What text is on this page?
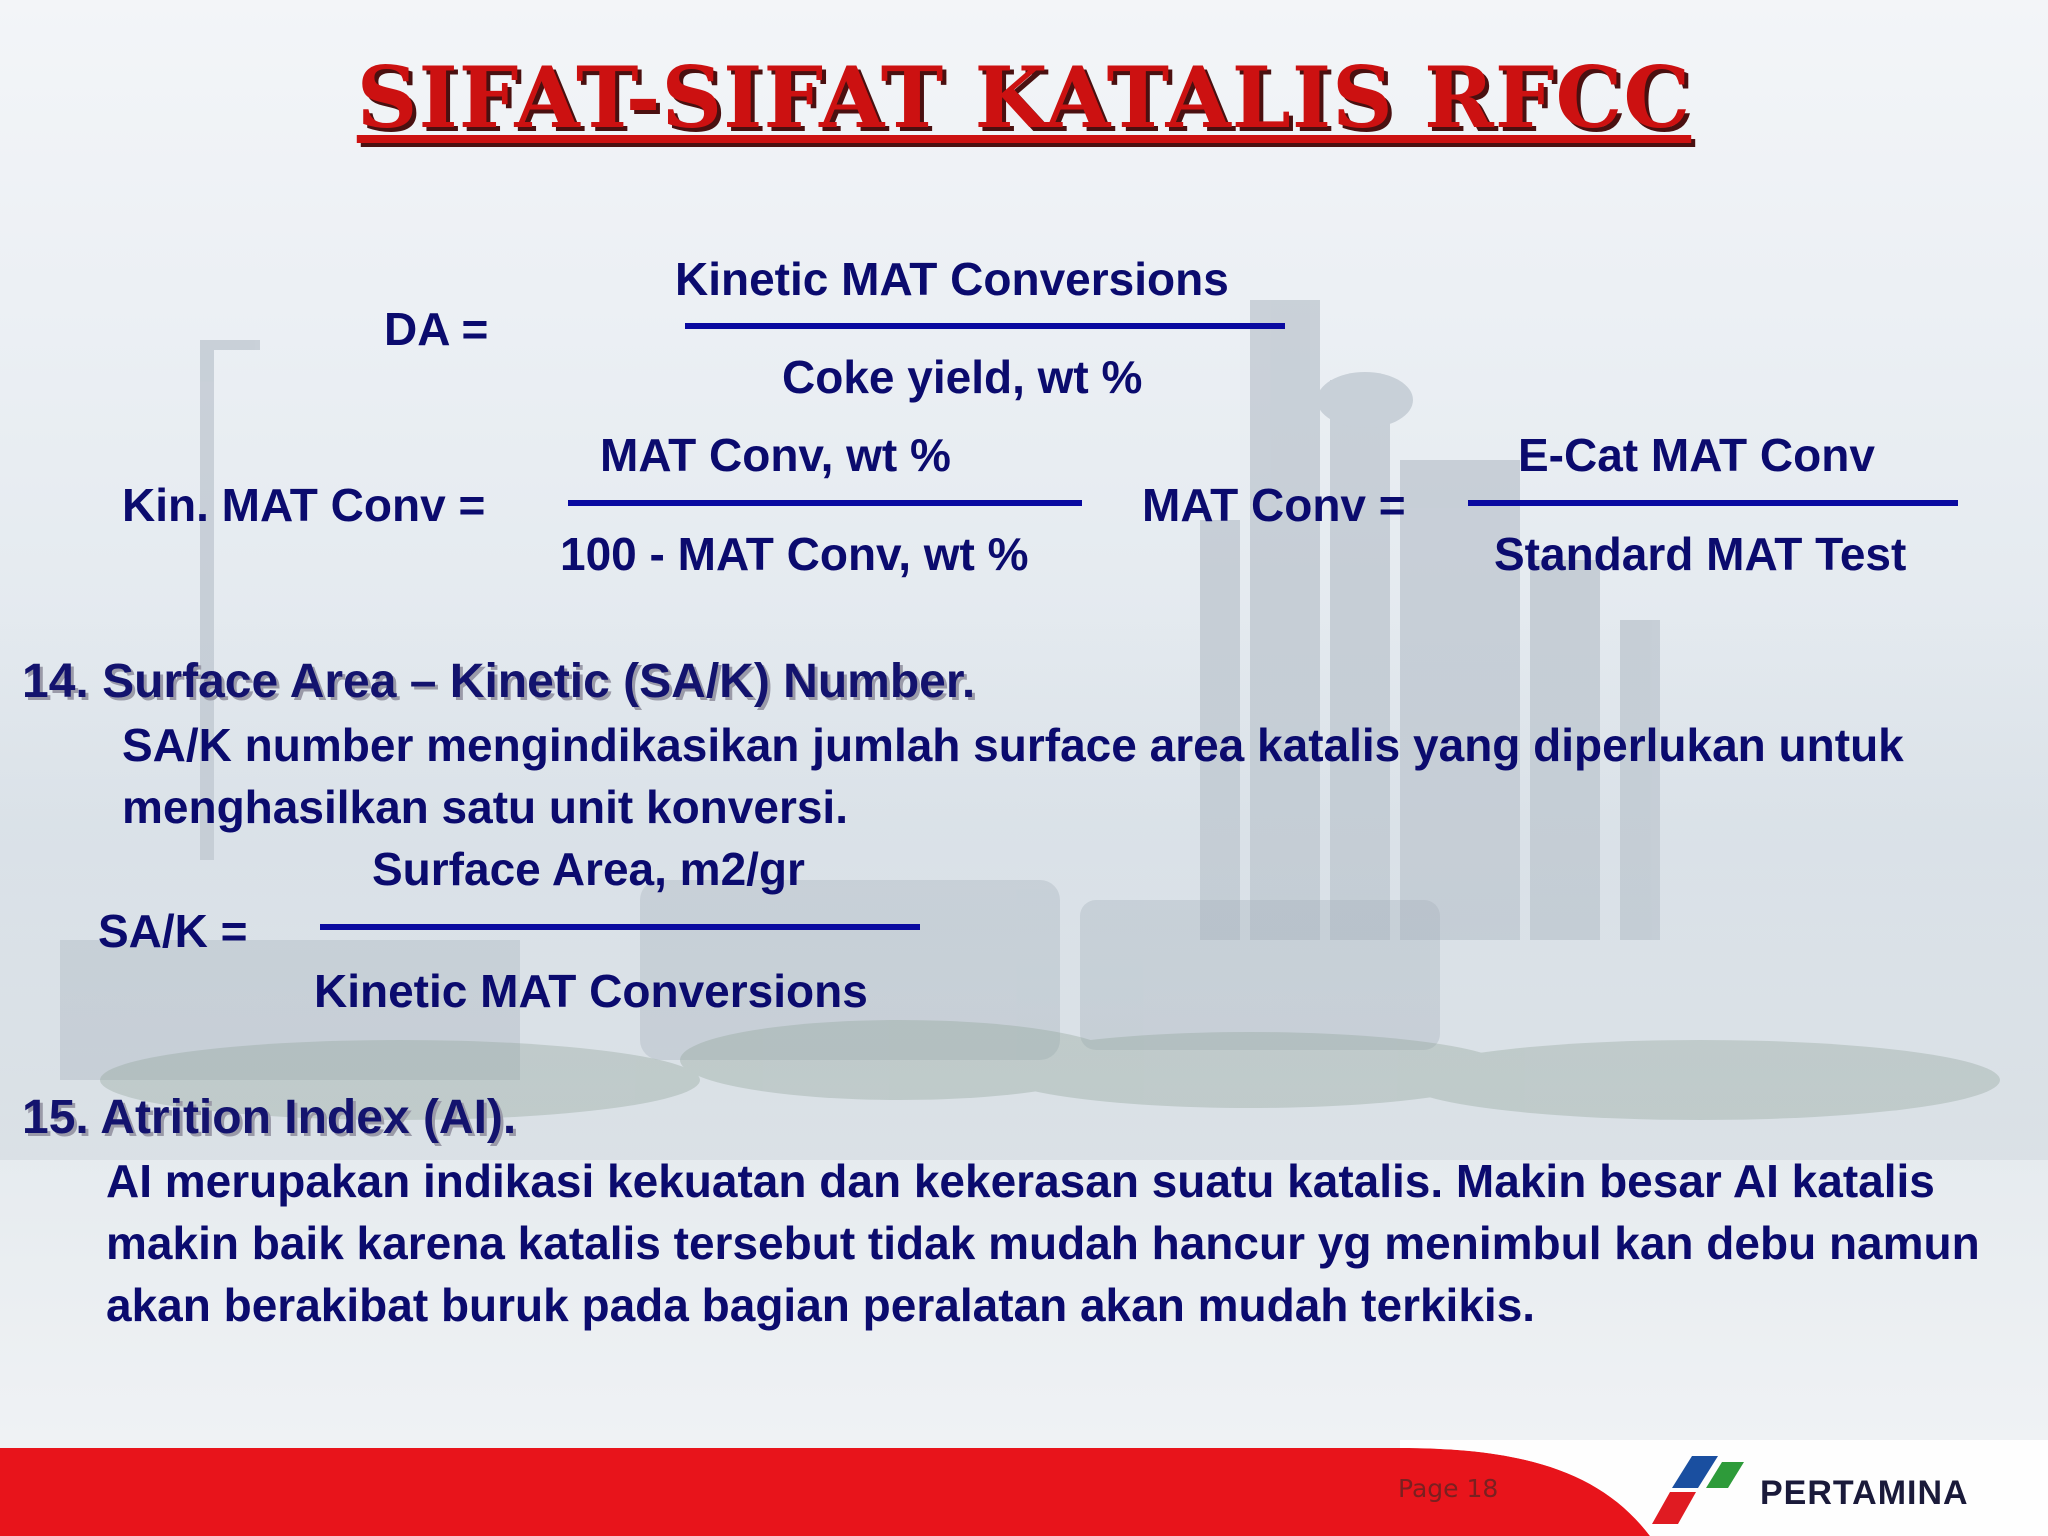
SIFAT-SIFAT KATALIS RFCC
DA =
Kinetic MAT Conversions
Coke yield, wt %
Kin. MAT Conv =
MAT Conv, wt %
100 - MAT Conv, wt %
MAT Conv =
E-Cat MAT Conv
Standard MAT Test
14. Surface Area – Kinetic (SA/K) Number.
SA/K number mengindikasikan jumlah surface area katalis yang diperlukan untuk menghasilkan satu unit konversi.
SA/K =
Surface Area, m2/gr
Kinetic MAT Conversions
15. Atrition Index (AI).
AI merupakan indikasi kekuatan dan kekerasan suatu katalis. Makin besar AI katalis makin baik karena katalis tersebut tidak mudah hancur yg menimbul kan debu namun akan berakibat buruk pada bagian peralatan akan mudah terkikis.
Page 18	PERTAMINA
